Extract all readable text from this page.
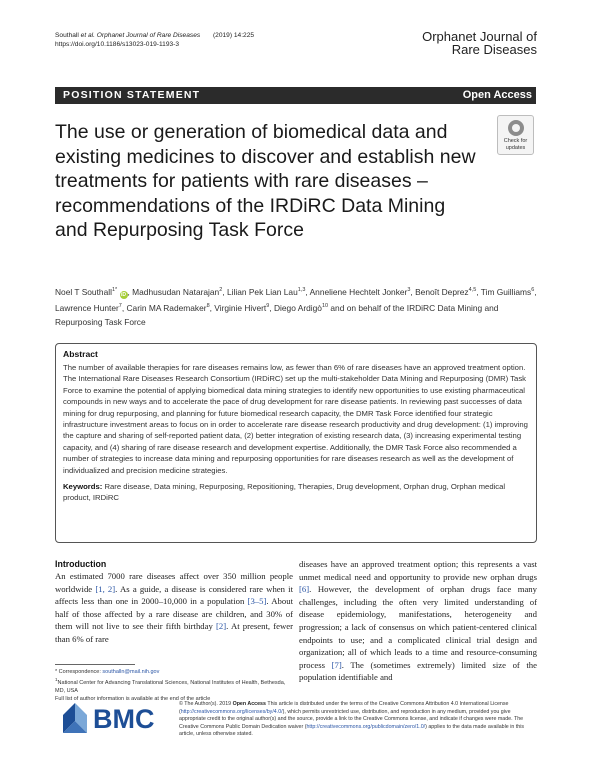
Southall et al. Orphanet Journal of Rare Diseases       (2019) 14:225
https://doi.org/10.1186/s13023-019-1193-3
Orphanet Journal of
Rare Diseases
POSITION STATEMENT	Open Access
The use or generation of biomedical data and existing medicines to discover and establish new treatments for patients with rare diseases – recommendations of the IRDiRC Data Mining and Repurposing Task Force
Check for
updates
Noel T Southall$^{1*}$ iD , Madhusudan Natarajan$^2$, Lilian Pek Lian Lau$^{1,3}$, Anneliene Hechtelt Jonker$^3$, Benoît Deprez$^{4,5}$, Tim Guilliams$^6$, Lawrence Hunter$^7$, Carin MA Rademaker$^8$, Virginie Hivert$^9$, Diego Ardigò$^{10}$ and on behalf of the IRDiRC Data Mining and Repurposing Task Force
Abstract
The number of available therapies for rare diseases remains low, as fewer than 6% of rare diseases have an approved treatment option. The International Rare Diseases Research Consortium (IRDiRC) set up the multi-stakeholder Data Mining and Repurposing (DMR) Task Force to examine the potential of applying biomedical data mining strategies to identify new opportunities to use existing pharmaceutical compounds in new ways and to accelerate the pace of drug development for rare disease patients. In reviewing past successes of data mining for drug repurposing, and planning for future biomedical research capacity, the DMR Task Force identified four strategic infrastructure investment areas to focus on in order to accelerate rare disease research productivity and drug development: (1) improving the capture and sharing of self-reported patient data, (2) better integration of existing research data, (3) increasing experimental testing capacity, and (4) sharing of rare disease research and development expertise. Additionally, the DMR Task Force also recommended a number of strategies to increase data mining and repurposing opportunities for rare diseases research as well as the development of individualized and precision medicine strategies.
Keywords: Rare disease, Data mining, Repurposing, Repositioning, Therapies, Drug development, Orphan drug, Orphan medical product, IRDiRC
Introduction
An estimated 7000 rare diseases affect over 350 million people worldwide [1, 2]. As a guide, a disease is considered rare when it affects less than one in 2000–10,000 in a population [3–5]. About half of those affected by a rare disease are children, and 30% of them will not live to see their fifth birthday [2]. At present, fewer than 6% of rare
diseases have an approved treatment option; this represents a vast unmet medical need and opportunity to provide new orphan drugs [6]. However, the development of orphan drugs face many challenges, including the often very limited understanding of disease epidemiology, manifestations, heterogeneity and progression; a lack of consensus on which patient-centered clinical endpoints to use; and a complicated clinical trial design and organization; all of which leads to a time and resource-consuming process [7]. The (sometimes extremely) limited size of the population identifiable and
* Correspondence: southalln@mail.nih.gov
$^1$National Center for Advancing Translational Sciences, National Institutes of Health, Bethesda, MD, USA
Full list of author information is available at the end of the article
BMC	© The Author(s). 2019 Open Access This article is distributed under the terms of the Creative Commons Attribution 4.0 International License (http://creativecommons.org/licenses/by/4.0/), which permits unrestricted use, distribution, and reproduction in any medium, provided you give appropriate credit to the original author(s) and the source, provide a link to the Creative Commons license, and indicate if changes were made. The Creative Commons Public Domain Dedication waiver (http://creativecommons.org/publicdomain/zero/1.0/) applies to the data made available in this article, unless otherwise stated.
